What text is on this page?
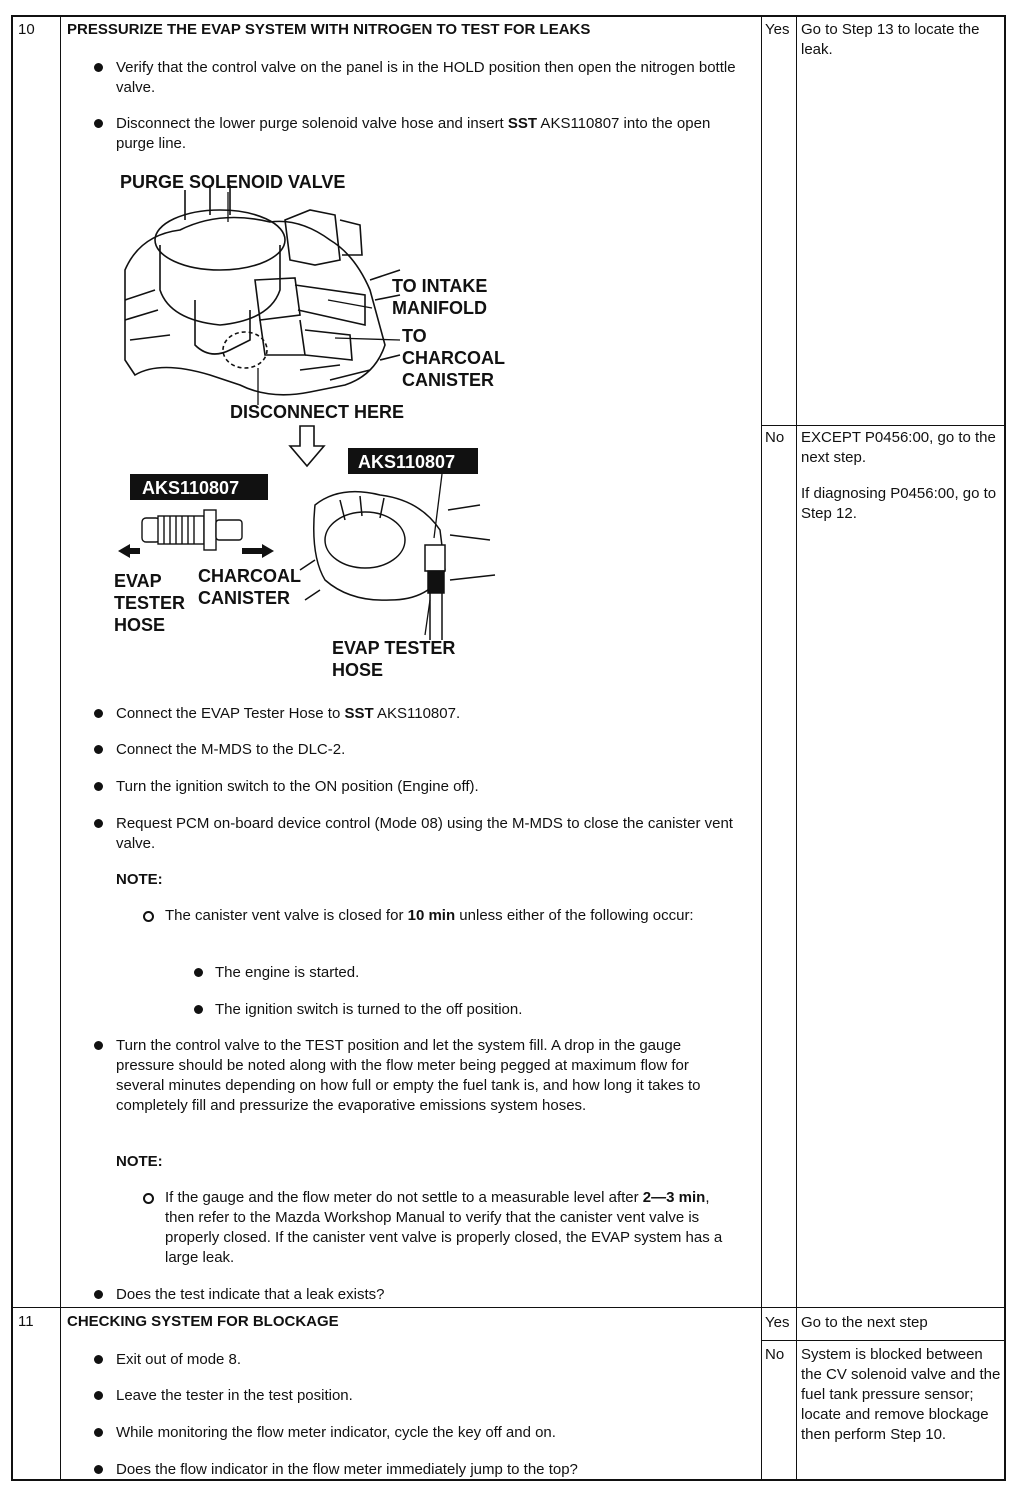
10 PRESSURIZE THE EVAP SYSTEM WITH NITROGEN TO TEST FOR LEAKS
Verify that the control valve on the panel is in the HOLD position then open the nitrogen bottle valve.
Disconnect the lower purge solenoid valve hose and insert SST AKS110807 into the open purge line.
PURGE SOLENOID VALVE
TO INTAKE
MANIFOLD
TO
CHARCOAL
CANISTER
DISCONNECT HERE
AKS110807
EVAP
TESTER
HOSE
CHARCOAL
CANISTER
AKS110807
EVAP TESTER
HOSE
Connect the EVAP Tester Hose to SST AKS110807.
Connect the M-MDS to the DLC-2.
Turn the ignition switch to the ON position (Engine off).
Request PCM on-board device control (Mode 08) using the M-MDS to close the canister vent valve.
NOTE:
The canister vent valve is closed for 10 min unless either of the following occur:
The engine is started.
The ignition switch is turned to the off position.
Turn the control valve to the TEST position and let the system fill. A drop in the gauge pressure should be noted along with the flow meter being pegged at maximum flow for several minutes depending on how full or empty the fuel tank is, and how long it takes to completely fill and pressurize the evaporative emissions system hoses.
NOTE:
If the gauge and the flow meter do not settle to a measurable level after 2—3 min, then refer to the Mazda Workshop Manual to verify that the canister vent valve is properly closed. If the canister vent valve is properly closed, the EVAP system has a large leak.
Does the test indicate that a leak exists?
Yes Go to Step 13 to locate the leak.
No EXCEPT P0456:00, go to the next step.
If diagnosing P0456:00, go to Step 12.
11 CHECKING SYSTEM FOR BLOCKAGE
Exit out of mode 8.
Leave the tester in the test position.
While monitoring the flow meter indicator, cycle the key off and on.
Does the flow indicator in the flow meter immediately jump to the top?
Yes Go to the next step
No System is blocked between the CV solenoid valve and the fuel tank pressure sensor; locate and remove blockage then perform Step 10.
